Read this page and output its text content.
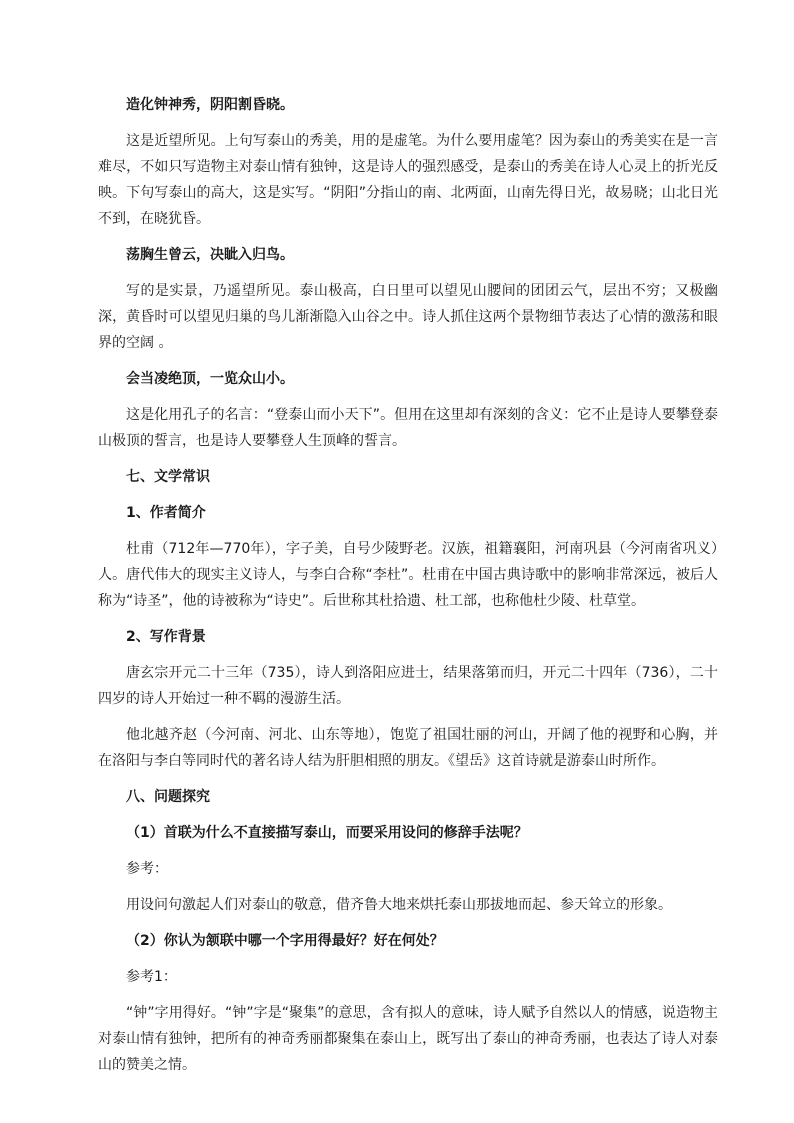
造化钟神秀，阴阳割昏晓。
这是近望所见。上句写泰山的秀美，用的是虚笔。为什么要用虚笔？因为泰山的秀美实在是一言难尽，不如只写造物主对泰山情有独钟，这是诗人的强烈感受，是泰山的秀美在诗人心灵上的折光反映。下句写泰山的高大，这是实写。“阴阳”分指山的南、北两面，山南先得日光，故易晓；山北日光不到，在晓犹昏。
荡胸生曾云，决眦入归鸟。
写的是实景，乃遥望所见。泰山极高，白日里可以望见山腰间的团团云气，层出不穷；又极幽深，黄昏时可以望见归巢的鸟儿渐渐隐入山谷之中。诗人抓住这两个景物细节表达了心情的激荡和眼界的空阔 。
会当凌绝顶，一览众山小。
这是化用孔子的名言：“登泰山而小天下”。但用在这里却有深刻的含义：它不止是诗人要攀登泰山极顶的誓言，也是诗人要攀登人生顶峰的誓言。
七、文学常识
1、作者简介
杜甫（712年—770年），字子美，自号少陵野老。汉族，祖籍襄阳，河南巩县（今河南省巩义）人。唐代伟大的现实主义诗人，与李白合称“李杜”。杜甫在中国古典诗歌中的影响非常深远，被后人称为“诗圣”，他的诗被称为“诗史”。后世称其杜拾遗、杜工部，也称他杜少陵、杜草堂。
2、写作背景
唐玄宗开元二十三年（735），诗人到洛阳应进士，结果落第而归，开元二十四年（736），二十四岁的诗人开始过一种不羁的漫游生活。
他北越齐赵（今河南、河北、山东等地），饱览了祖国壮丽的河山，开阔了他的视野和心胸，并在洛阳与李白等同时代的著名诗人结为肝胆相照的朋友。《望岳》这首诗就是游泰山时所作。
八、问题探究
（1）首联为什么不直接描写泰山，而要采用设问的修辞手法呢？
参考：
用设问句激起人们对泰山的敬意，借齐鲁大地来烘托泰山那拔地而起、参天耸立的形象。
（2）你认为颔联中哪一个字用得最好？好在何处？
参考1：
“钟”字用得好。“钟”字是“聚集”的意思，含有拟人的意味，诗人赋予自然以人的情感，说造物主对泰山情有独钟，把所有的神奇秀丽都聚集在泰山上，既写出了泰山的神奇秀丽，也表达了诗人对泰山的赞美之情。
